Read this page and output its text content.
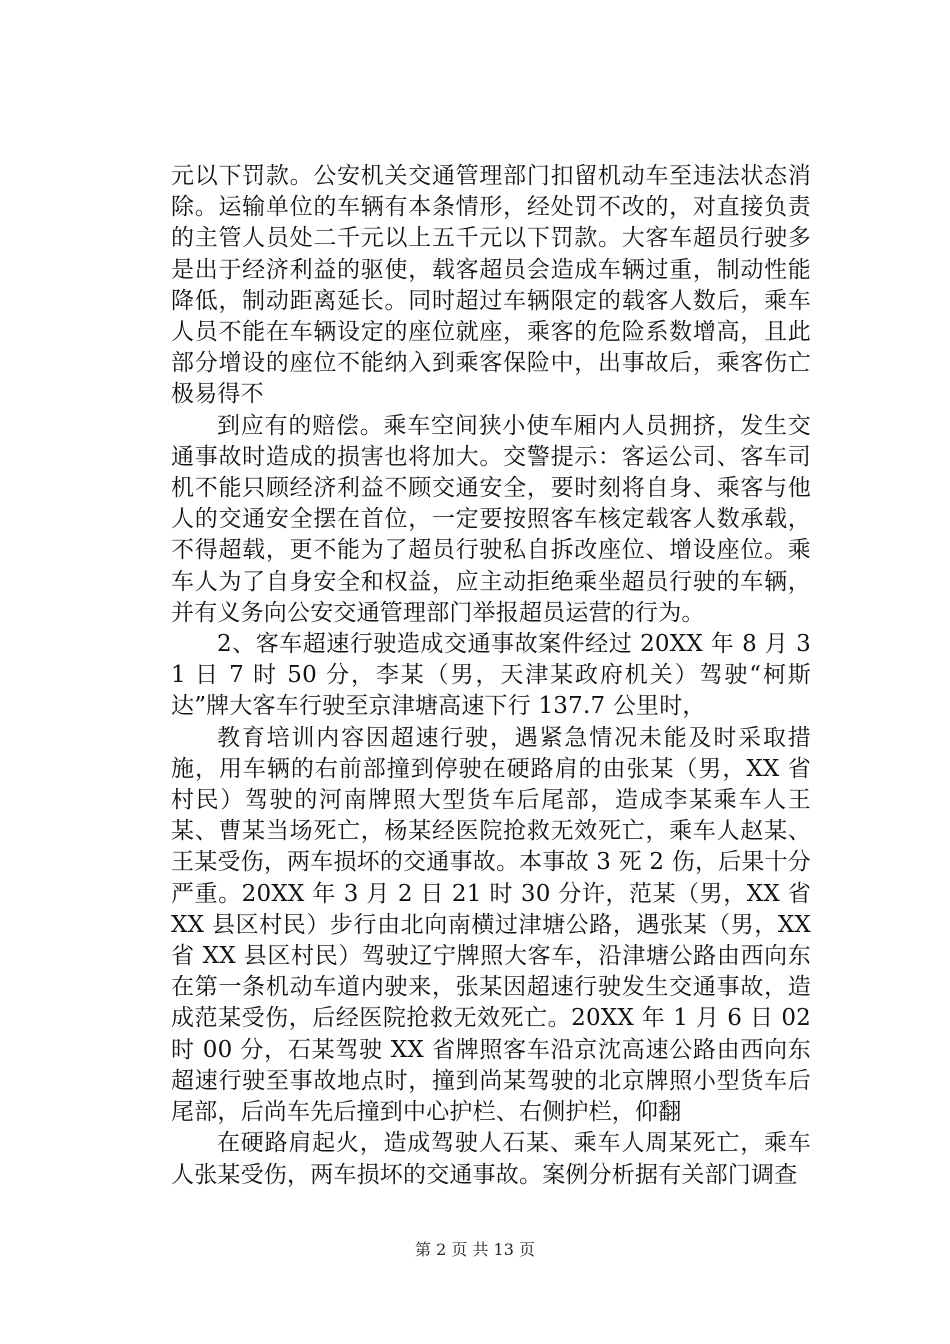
元以下罚款。公安机关交通管理部门扣留机动车至违法状态消除。运输单位的车辆有本条情形，经处罚不改的，对直接负责的主管人员处二千元以上五千元以下罚款。大客车超员行驶多是出于经济利益的驱使，载客超员会造成车辆过重，制动性能降低，制动距离延长。同时超过车辆限定的载客人数后，乘车人员不能在车辆设定的座位就座，乘客的危险系数增高，且此部分增设的座位不能纳入到乘客保险中，出事故后，乘客伤亡极易得不

到应有的赔偿。乘车空间狭小使车厢内人员拥挤，发生交通事故时造成的损害也将加大。交警提示：客运公司、客车司机不能只顾经济利益不顾交通安全，要时刻将自身、乘客与他人的交通安全摆在首位，一定要按照客车核定载客人数承载，不得超载，更不能为了超员行驶私自拆改座位、增设座位。乘车人为了自身安全和权益，应主动拒绝乘坐超员行驶的车辆，并有义务向公安交通管理部门举报超员运营的行为。

2、客车超速行驶造成交通事故案件经过 20XX 年 8 月 31 日 7 时 50 分，李某（男，天津某政府机关）驾驶“柯斯达”牌大客车行驶至京津塘高速下行 137.7 公里时，

教育培训内容因超速行驶，遇紧急情况未能及时采取措施，用车辆的右前部撞到停驶在硬路肩的由张某（男，XX 省村民）驾驶的河南牌照大型货车后尾部，造成李某乘车人王某、曹某当场死亡，杨某经医院抢救无效死亡，乘车人赵某、王某受伤，两车损坏的交通事故。本事故 3 死 2 伤，后果十分严重。20XX 年 3 月 2 日 21 时 30 分许，范某（男，XX 省 XX 县区村民）步行由北向南横过津塘公路，遇张某（男，XX 省 XX 县区村民）驾驶辽宁牌照大客车，沿津塘公路由西向东在第一条机动车道内驶来，张某因超速行驶发生交通事故，造成范某受伤，后经医院抢救无效死亡。20XX 年 1 月 6 日 02 时 00 分，石某驾驶 XX 省牌照客车沿京沈高速公路由西向东超速行驶至事故地点时，撞到尚某驾驶的北京牌照小型货车后尾部，后尚车先后撞到中心护栏、右侧护栏，仰翻

在硬路肩起火，造成驾驶人石某、乘车人周某死亡，乘车人张某受伤，两车损坏的交通事故。案例分析据有关部门调查

第 2 页 共 13 页
